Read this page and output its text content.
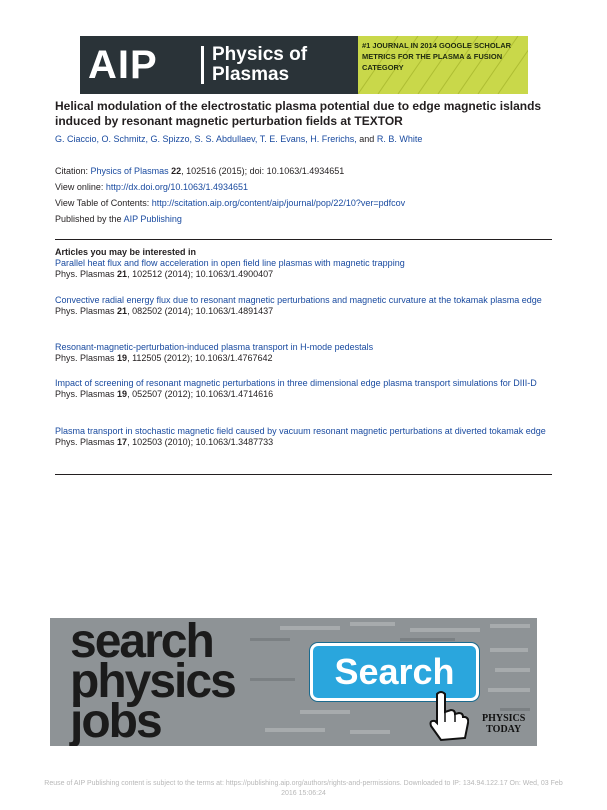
AIP	Physics of
Plasmas
#1 JOURNAL IN 2014 GOOGLE SCHOLAR METRICS FOR THE PLASMA & FUSION CATEGORY
Helical modulation of the electrostatic plasma potential due to edge magnetic islands induced by resonant magnetic perturbation fields at TEXTOR
G. Ciaccio, O. Schmitz, G. Spizzo, S. S. Abdullaev, T. E. Evans, H. Frerichs, and R. B. White
Citation: Physics of Plasmas 22, 102516 (2015); doi: 10.1063/1.4934651
View online: http://dx.doi.org/10.1063/1.4934651
View Table of Contents: http://scitation.aip.org/content/aip/journal/pop/22/10?ver=pdfcov
Published by the AIP Publishing
Articles you may be interested in
Parallel heat flux and flow acceleration in open field line plasmas with magnetic trapping
Phys. Plasmas 21, 102512 (2014); 10.1063/1.4900407
Convective radial energy flux due to resonant magnetic perturbations and magnetic curvature at the tokamak plasma edge
Phys. Plasmas 21, 082502 (2014); 10.1063/1.4891437
Resonant-magnetic-perturbation-induced plasma transport in H-mode pedestals
Phys. Plasmas 19, 112505 (2012); 10.1063/1.4767642
Impact of screening of resonant magnetic perturbations in three dimensional edge plasma transport simulations for DIII-D
Phys. Plasmas 19, 052507 (2012); 10.1063/1.4714616
Plasma transport in stochastic magnetic field caused by vacuum resonant magnetic perturbations at diverted tokamak edge
Phys. Plasmas 17, 102503 (2010); 10.1063/1.3487733
search
physics
jobs
Search
PHYSICS
TODAY
Reuse of AIP Publishing content is subject to the terms at: https://publishing.aip.org/authors/rights-and-permissions. Downloaded to IP: 134.94.122.17 On: Wed, 03 Feb
2016 15:06:24
